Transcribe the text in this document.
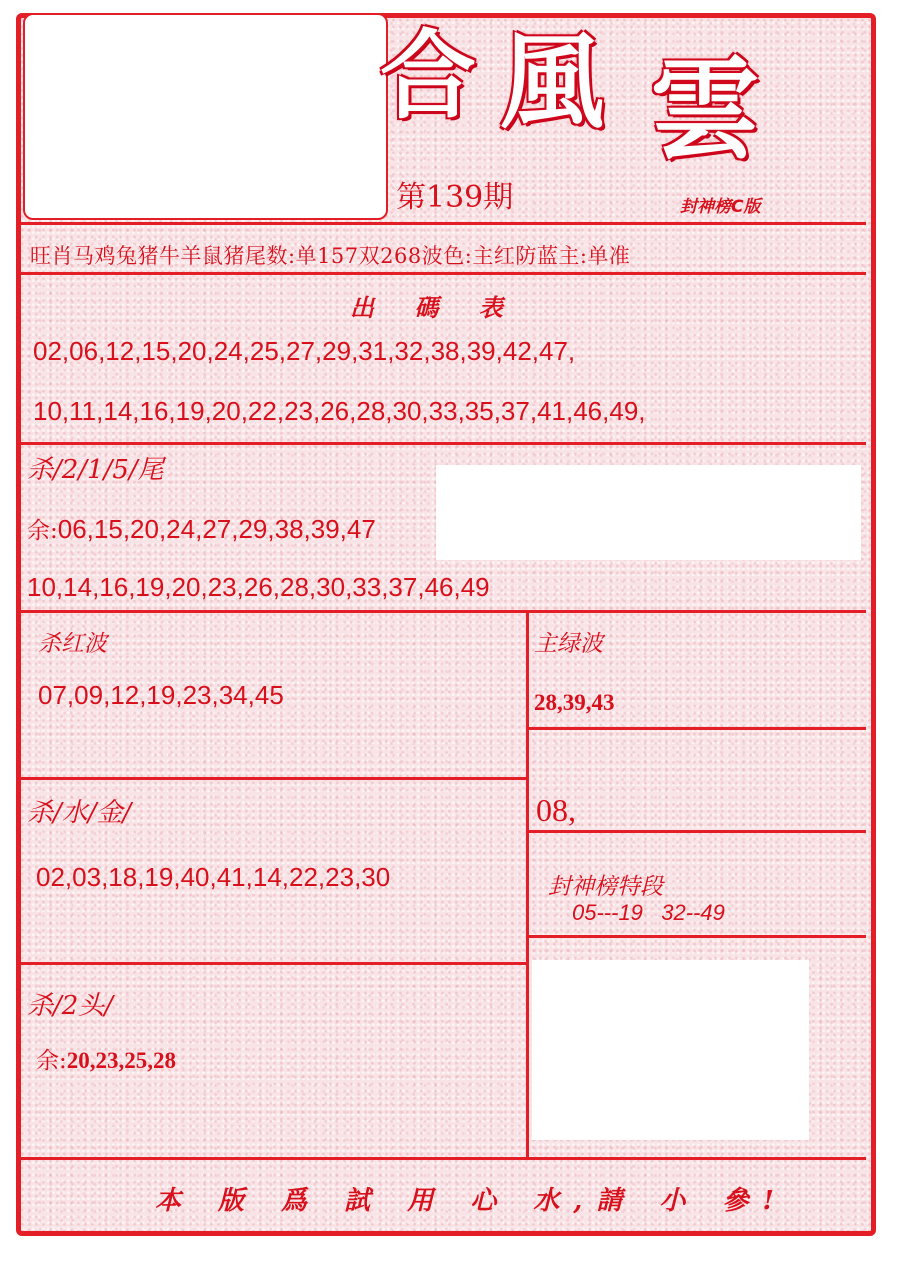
合 風 雲
第139期	封神榜C版
旺肖马鸡兔猪牛羊鼠猪尾数:单157双268波色:主红防蓝主:单准
出 碼 表
02,06,12,15,20,24,25,27,29,31,32,38,39,42,47,
10,11,14,16,19,20,22,23,26,28,30,33,35,37,41,46,49,
杀/2/1/5/尾
余:06,15,20,24,27,29,38,39,47
10,14,16,19,20,23,26,28,30,33,37,46,49
杀红波
07,09,12,19,23,34,45
杀/水/金/
02,03,18,19,40,41,14,22,23,30
杀/2头/
余:20,23,25,28
主绿波
28,39,43
08,
封神榜特段
05---19   32--49
本 版 爲 試 用 心 水,請 小 參!
